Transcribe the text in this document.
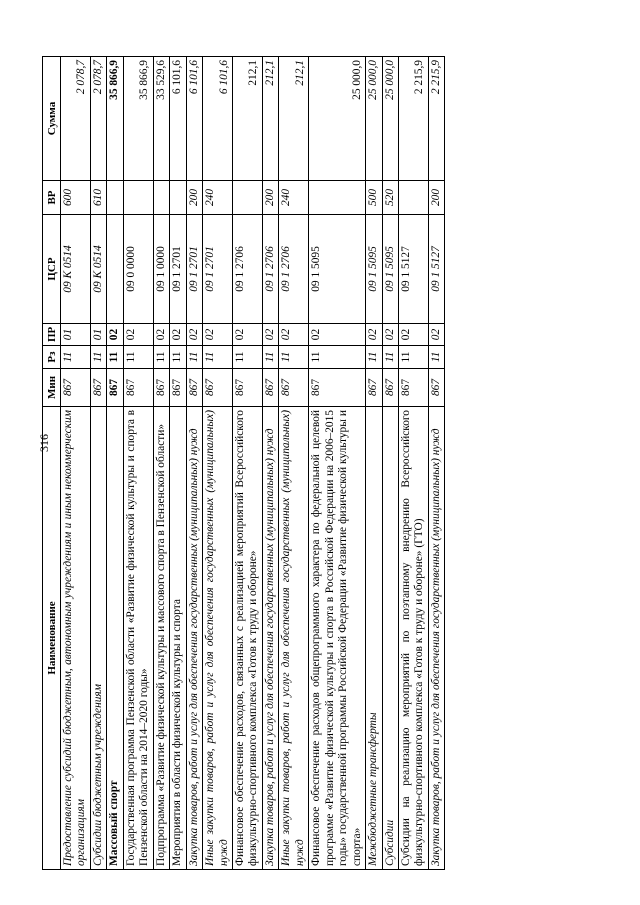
316
Наименование	Мин	Рз	ПР	ЦСР	ВР	Сумма
Предоставление субсидий бюджетным, автономным учреждениям и иным некоммерческим организациям	867	11	01	09 К 0514	600	2 078,7
Субсидии бюджетным учреждениям	867	11	01	09 К 0514	610	2 078,7
Массовый спорт	867	11	02			35 866,9
Государственная программа Пензенской области «Развитие физической культуры и спорта в Пензенской области на 2014–2020 годы»	867	11	02	09 0 0000		35 866,9
Подпрограмма «Развитие физической культуры и массового спорта в Пензенской области»	867	11	02	09 1 0000		33 529,6
Мероприятия в области физической культуры и спорта	867	11	02	09 1 2701		6 101,6
Закупка товаров, работ и услуг для обеспечения государственных (муниципальных) нужд	867	11	02	09 1 2701	200	6 101,6
Иные закупки товаров, работ и услуг для обеспечения государственных (муниципальных) нужд	867	11	02	09 1 2701	240	6 101,6
Финансовое обеспечение расходов, связанных с реализацией мероприятий Всероссийского физкультурно-спортивного комплекса «Готов к труду и обороне»	867	11	02	09 1 2706		212,1
Закупка товаров, работ и услуг для обеспечения государственных (муниципальных) нужд	867	11	02	09 1 2706	200	212,1
Иные закупки товаров, работ и услуг для обеспечения государственных (муниципальных) нужд	867	11	02	09 1 2706	240	212,1
Финансовое обеспечение расходов общепрограммного характера по федеральной целевой программе «Развитие физической культуры и спорта в Российской Федерации на 2006–2015 годы» государственной программы Российской Федерации «Развитие физической культуры и спорта»	867	11	02	09 1 5095		25 000,0
Межбюджетные трансферты	867	11	02	09 1 5095	500	25 000,0
Субсидии	867	11	02	09 1 5095	520	25 000,0
Субсидии на реализацию мероприятий по поэтапному внедрению Всероссийского физкультурно-спортивного комплекса «Готов к труду и обороне» (ГТО)	867	11	02	09 1 5127		2 215,9
Закупка товаров, работ и услуг для обеспечения государственных (муниципальных) нужд	867	11	02	09 1 5127	200	2 215,9
